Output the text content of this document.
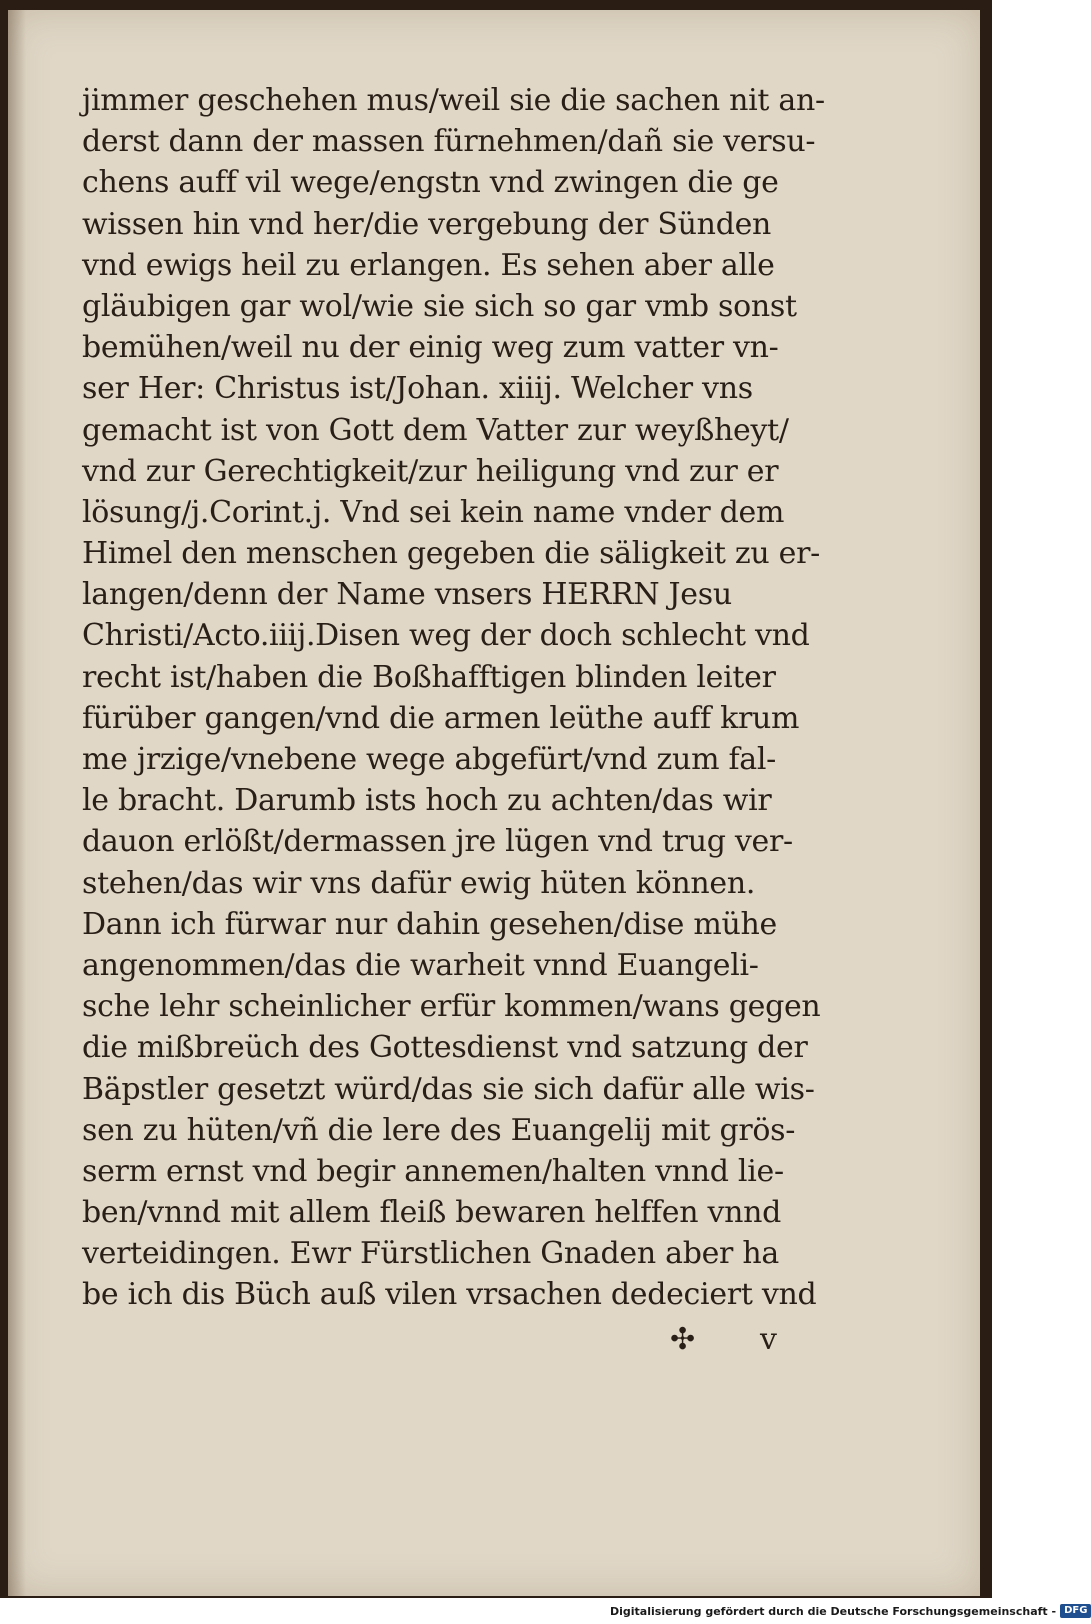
jimmer geschehen mus/weil sie die sachen nit an-
derst dann der massen fürnehmen/dañ sie versu-
chens auff vil wege/engstn vnd zwingen die ge
wissen hin vnd her/die vergebung der Sünden
vnd ewigs heil zu erlangen. Es sehen aber alle
gläubigen gar wol/wie sie sich so gar vmb sonst
bemühen/weil nu der einig weg zum vatter vn-
ser Her: Christus ist/Johan. xiiij. Welcher vns
gemacht ist von Gott dem Vatter zur weyßheyt/
vnd zur Gerechtigkeit/zur heiligung vnd zur er
lösung/j.Corint.j. Vnd sei kein name vnder dem
Himel den menschen gegeben die säligkeit zu er-
langen/denn der Name vnsers HERRN Jesu
Christi/Acto.iiij.Disen weg der doch schlecht vnd
recht ist/haben die Boßhafftigen blinden leiter
fürüber gangen/vnd die armen leüthe auff krum
me jrzige/vnebene wege abgefürt/vnd zum fal-
le bracht. Darumb ists hoch zu achten/das wir
dauon erlößt/dermassen jre lügen vnd trug ver-
stehen/das wir vns dafür ewig hüten können.
Dann ich fürwar nur dahin gesehen/dise mühe
angenommen/das die warheit vnnd Euangeli-
sche lehr scheinlicher erfür kommen/wans gegen
die mißbreüch des Gottesdienst vnd satzung der
Bäpstler gesetzt würd/das sie sich dafür alle wis-
sen zu hüten/vñ die lere des Euangelij mit grös-
serm ernst vnd begir annemen/halten vnnd lie-
ben/vnnd mit allem fleiß bewaren helffen vnnd
verteidingen. Ewr Fürstlichen Gnaden aber ha
be ich dis Büch auß vilen vrsachen dedeciert vnd
✣ v
Digitalisierung gefördert durch die Deutsche Forschungsgemeinschaft - DFG
